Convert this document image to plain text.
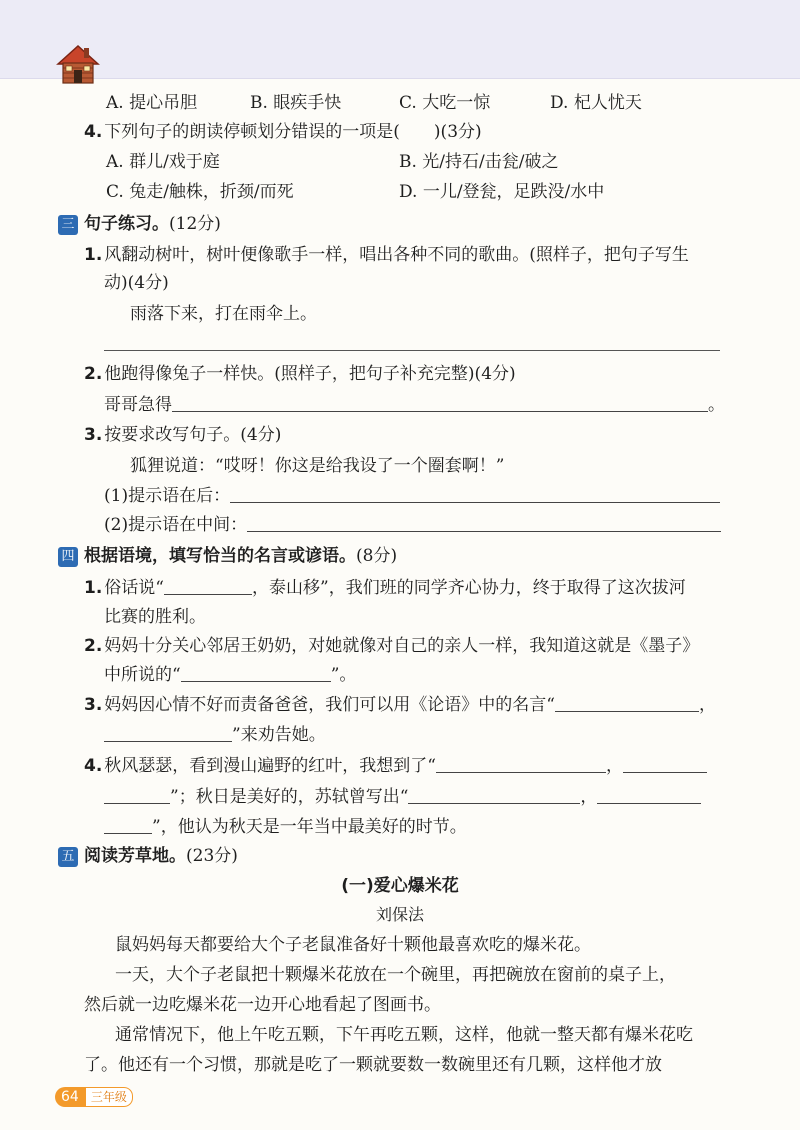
A. 提心吊胆	B. 眼疾手快	C. 大吃一惊	D. 杞人忧天
4. 下列句子的朗读停顿划分错误的一项是(　　)(3分)
A. 群儿/戏于庭	B. 光/持石/击瓮/破之
C. 兔走/触株，折颈/而死	D. 一儿/登瓮，足跌没/水中
三 句子练习。(12分)
1. 风翻动树叶，树叶便像歌手一样，唱出各种不同的歌曲。(照样子，把句子写生
动)(4分)
雨落下来，打在雨伞上。
2. 他跑得像兔子一样快。(照样子，把句子补充完整)(4分)
哥哥急得	。
3. 按要求改写句子。(4分)
狐狸说道：“哎呀！你这是给我设了一个圈套啊！”
(1)提示语在后：
(2)提示语在中间：
四 根据语境，填写恰当的名言或谚语。(8分)
1. 俗话说“	，泰山移”，我们班的同学齐心协力，终于取得了这次拔河
比赛的胜利。
2. 妈妈十分关心邻居王奶奶，对她就像对自己的亲人一样，我知道这就是《墨子》
中所说的“	”。
3. 妈妈因心情不好而责备爸爸，我们可以用《论语》中的名言“	，
”来劝告她。
4. 秋风瑟瑟，看到漫山遍野的红叶，我想到了“	，
”；秋日是美好的，苏轼曾写出“	，
”，他认为秋天是一年当中最美好的时节。
五 阅读芳草地。(23分)
(一)爱心爆米花
刘保法
鼠妈妈每天都要给大个子老鼠准备好十颗他最喜欢吃的爆米花。
一天，大个子老鼠把十颗爆米花放在一个碗里，再把碗放在窗前的桌子上，
然后就一边吃爆米花一边开心地看起了图画书。
通常情况下，他上午吃五颗，下午再吃五颗，这样，他就一整天都有爆米花吃
了。他还有一个习惯，那就是吃了一颗就要数一数碗里还有几颗，这样他才放
64	三年级
